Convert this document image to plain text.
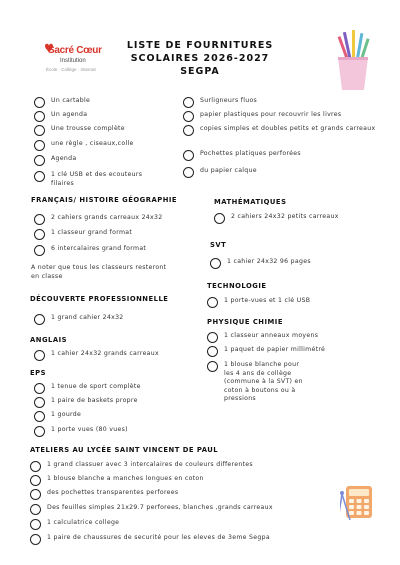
Sacré Cœur
Institution
École · Collège · Internat
LISTE DE FOURNITURES
SCOLAIRES 2026-2027
SEGPA
Un cartable
Un agenda
Une trousse complète
une règle , ciseaux,colle
Agenda
1 clé USB et des ecouteurs filaires
Surligneurs fluos
papier plastiques pour recouvrir les livres
copies simples et doubles petits et grands carreaux
Pochettes platiques perforées
du papier calque
FRANÇAIS/ HISTOIRE GÉOGRAPHIE
2 cahiers grands carreaux 24x32
1 classeur grand format
6 intercalaires grand format
A noter que tous les classeurs resteront en classe
MATHÉMATIQUES
2 cahiers 24x32 petits carreaux
SVT
1 cahier 24x32 96 pages
TECHNOLOGIE
1 porte-vues et 1 clé USB
PHYSIQUE CHIMIE
1 classeur anneaux moyens
1 paquet de papier millimétré
1 blouse blanche pour les 4 ans de collège (commune à la SVT) en coton à boutons ou à pressions
DÉCOUVERTE PROFESSIONNELLE
1 grand cahier 24x32
ANGLAIS
1 cahier 24x32 grands carreaux
EPS
1 tenue de sport complète
1 paire de baskets propre
1 gourde
1 porte vues (80 vues)
ATELIERS AU LYCÉE SAINT VINCENT DE PAUL
1 grand classuer avec 3 intercalaires de couleurs differentes
1 blouse blanche a manches longues en coton
des pochettes transparentes perforees
Des feuilles simples 21x29.7 perforees, blanches ,grands carreaux
1 calculatrice college
1 paire de chaussures de securité pour les eleves de 3eme Segpa
